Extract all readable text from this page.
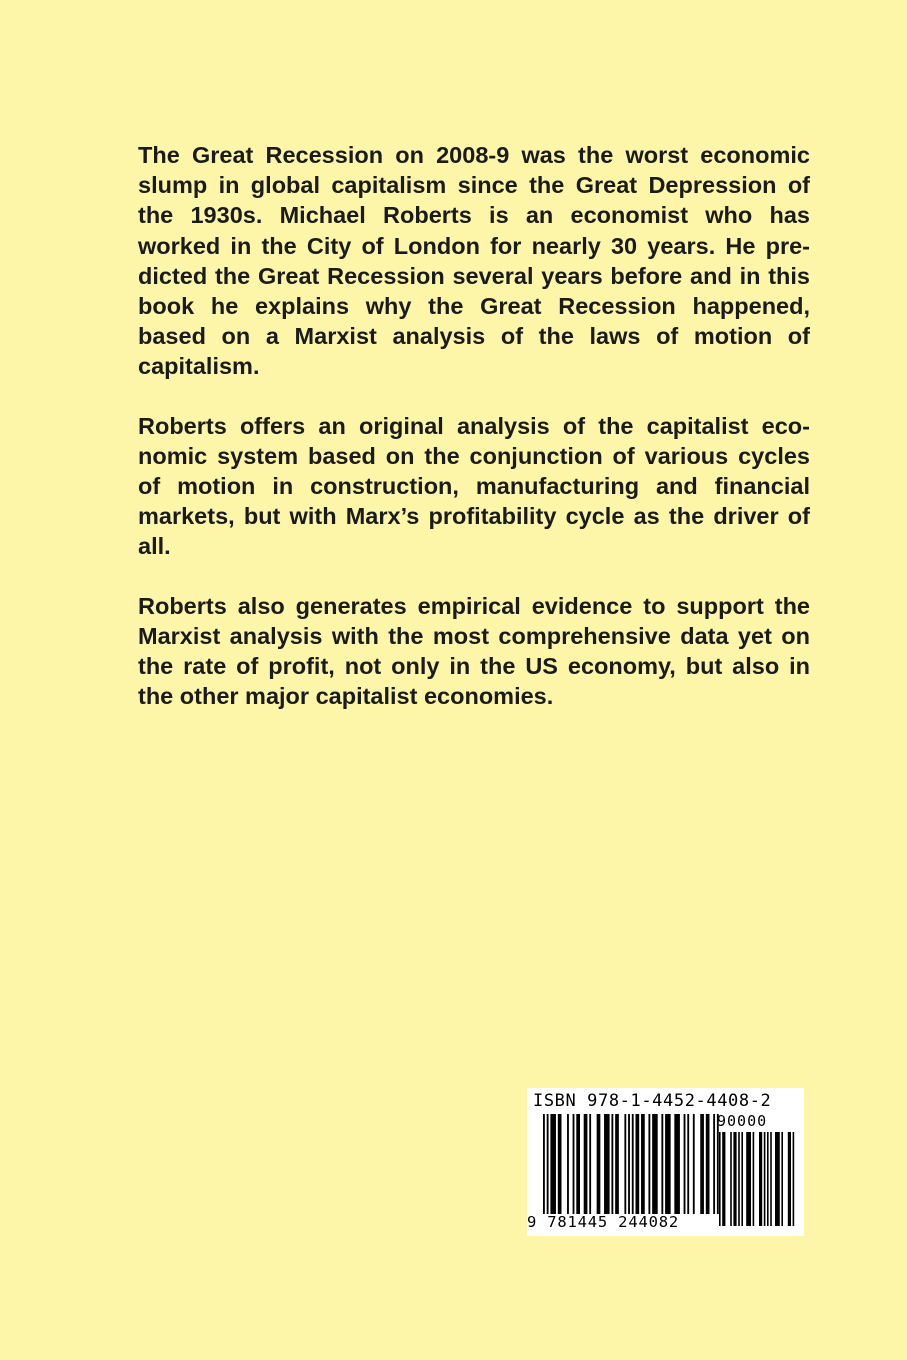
The Great Recession on 2008-9 was the worst economic slump in global capitalism since the Great Depression of the 1930s. Michael Roberts is an economist who has worked in the City of London for nearly 30 years. He predicted the Great Recession several years before and in this book he explains why the Great Recession happened, based on a Marxist analysis of the laws of motion of capitalism.

Roberts offers an original analysis of the capitalist economic system based on the conjunction of various cycles of motion in construction, manufacturing and financial markets, but with Marx’s profitability cycle as the driver of all.

Roberts also generates empirical evidence to support the Marxist analysis with the most comprehensive data yet on the rate of profit, not only in the US economy, but also in the other major capitalist economies.

ISBN 978-1-4452-4408-2
90000
9 781445 244082
